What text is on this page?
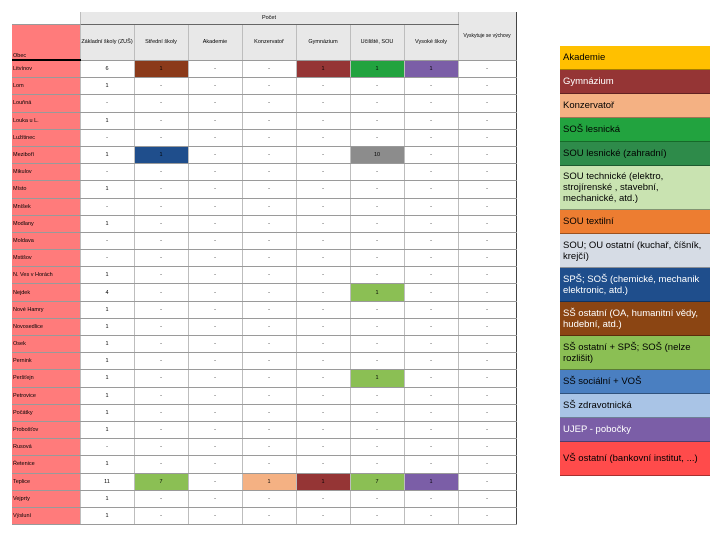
	Počet							Vyskytuje se výchovy
Obec	Základní školy (ZUŠ)	Střední školy	Akademie	Konzervatoř	Gymnázium	Učiliště, SOU	Vysoké školy	
Litvínov	6	1	-	-	1	1	1	-
Lom	1	-	-	-	-	-	-	-
Louňná	-	-	-	-	-	-	-	-
Louka u L.	1	-	-	-	-	-	-	-
Lužítinec	-	-	-	-	-	-	-	-
Meziboří	1	1	-	-	-	10	-	-
Mikulov	-	-	-	-	-	-	-	-
Místo	1	-	-	-	-	-	-	-
Mníšek	-	-	-	-	-	-	-	-
Modlany	1	-	-	-	-	-	-	-
Moldava	-	-	-	-	-	-	-	-
Mstišov	-	-	-	-	-	-	-	-
N. Ves v Horách	1	-	-	-	-	-	-	-
Nejdek	4	-	-	-	-	1	-	-
Nové Hamry	1	-	-	-	-	-	-	-
Novosedlice	1	-	-	-	-	-	-	-
Osek	1	-	-	-	-	-	-	-
Pernink	1	-	-	-	-	-	-	-
Peršťejn	1	-	-	-	-	1	-	-
Petrovice	1	-	-	-	-	-	-	-
Počátky	1	-	-	-	-	-	-	-
Probošťov	1	-	-	-	-	-	-	-
Rusová	-	-	-	-	-	-	-	-
Řetenice	1	-	-	-	-	-	-	-
Teplice	11	7	-	1	1	7	1	-
Vejprty	1	-	-	-	-	-	-	-
Výsluní	1	-	-	-	-	-	-	-
Akademie
Gymnázium
Konzervatoř
SOŠ lesnická
SOU lesnické (zahradní)
SOU technické (elektro, strojírenské , stavební, mechanické, atd.)
SOU textilní
SOU; OU ostatní (kuchař, číšník, krejčí)
SPŠ; SOŠ (chemické, mechanik elektronic, atd.)
SŠ ostatní (OA, humanitní vědy, hudební, atd.)
SŠ ostatní + SPŠ; SOŠ (nelze rozlišit)
SŠ sociální + VOŠ
SŠ zdravotnická
UJEP - pobočky
VŠ ostatní (bankovní institut, ...)
